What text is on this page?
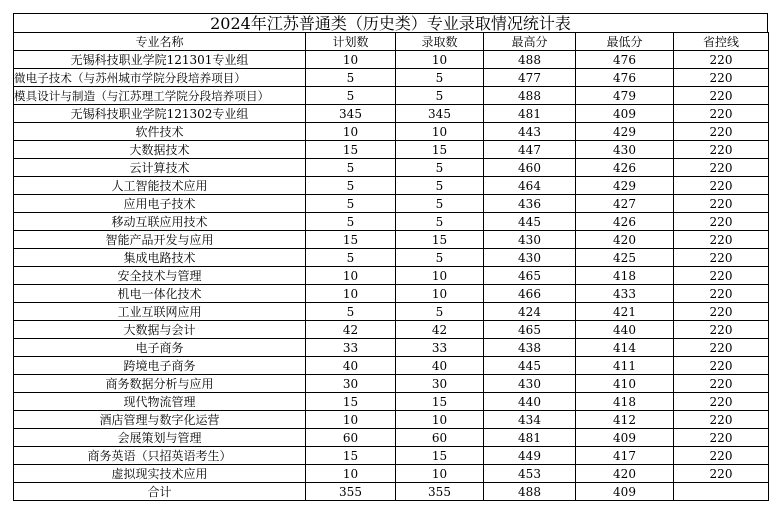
2024年江苏普通类（历史类）专业录取情况统计表
专业名称	计划数	录取数	最高分	最低分	省控线
无锡科技职业学院121301专业组	10	10	488	476	220
微电子技术（与苏州城市学院分段培养项目）	5	5	477	476	220
模具设计与制造（与江苏理工学院分段培养项目）	5	5	488	479	220
无锡科技职业学院121302专业组	345	345	481	409	220
软件技术	10	10	443	429	220
大数据技术	15	15	447	430	220
云计算技术	5	5	460	426	220
人工智能技术应用	5	5	464	429	220
应用电子技术	5	5	436	427	220
移动互联应用技术	5	5	445	426	220
智能产品开发与应用	15	15	430	420	220
集成电路技术	5	5	430	425	220
安全技术与管理	10	10	465	418	220
机电一体化技术	10	10	466	433	220
工业互联网应用	5	5	424	421	220
大数据与会计	42	42	465	440	220
电子商务	33	33	438	414	220
跨境电子商务	40	40	445	411	220
商务数据分析与应用	30	30	430	410	220
现代物流管理	15	15	440	418	220
酒店管理与数字化运营	10	10	434	412	220
会展策划与管理	60	60	481	409	220
商务英语（只招英语考生）	15	15	449	417	220
虚拟现实技术应用	10	10	453	420	220
合计	355	355	488	409	
